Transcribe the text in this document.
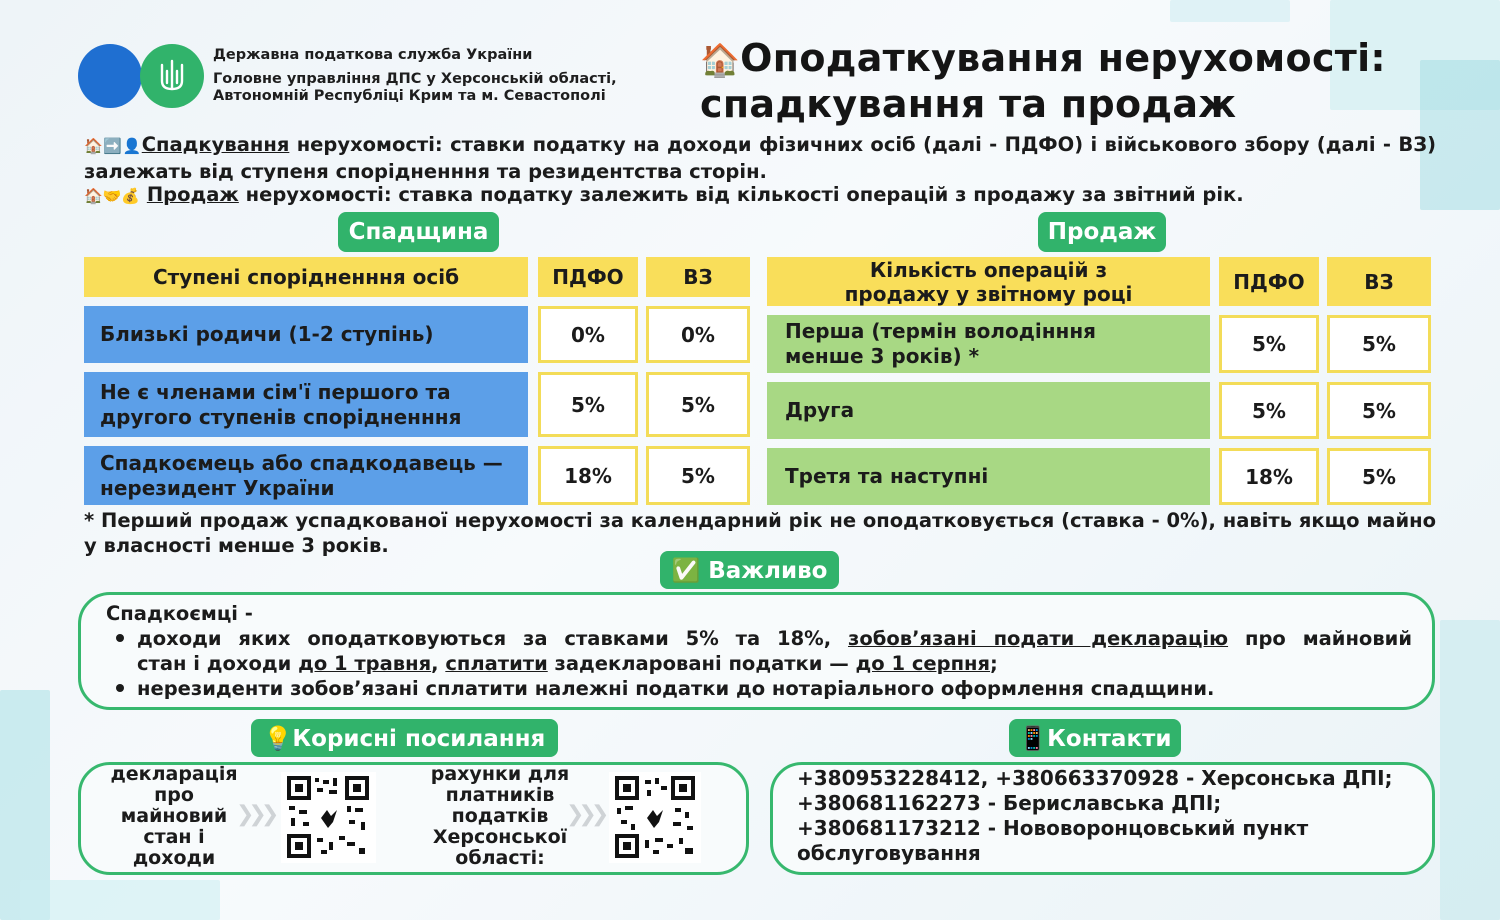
Державна податкова служба України
Головне управління ДПС у Херсонській області,
Автономній Республіці Крим та м. Севастополі
🏠Оподаткування нерухомості:
спадкування та продаж
🏠➡️👤Спадкування нерухомості: ставки податку на доходи фізичних осіб (далі - ПДФО) і військового збору (далі - ВЗ) залежать від ступеня спорідненння та резидентства сторін.
🏠🤝💰 Продаж нерухомості: ставка податку залежить від кількості операцій з продажу за звітний рік.
Спадщина	Продаж
Ступені спорідненння осіб	ПДФО	ВЗ
Близькі родичи (1-2 ступінь)	0%	0%
Не є членами сім'ї першого та другого ступенів спорідненння	5%	5%
Спадкоємець або спадкодавець — нерезидент України	18%	5%
Кількість операцій з продажу у звітному році	ПДФО	ВЗ
Перша (термін володінння менше 3 років) *	5%	5%
Друга	5%	5%
Третя та наступні	18%	5%
* Перший продаж успадкованої нерухомості за календарний рік не оподатковується (ставка - 0%), навіть якщо майно у власності менше 3 років.
✅ Важливо
Спадкоємці -
доходи яких оподатковуються за ставками 5% та 18%, зобов’язані подати декларацію про майновий
стан і доходи до 1 травня, сплатити задекларовані податки — до 1 серпня;
нерезиденти зобов’язані сплатити належні податки до нотаріального оформлення спадщини.
💡Корисні посилання
декларація
про
майновий
стан і
доходи
❯❯❯
рахунки для
платників
податків
Херсонської
області:
❯❯❯
📱Контакти
+380953228412, +380663370928 - Херсонська ДПІ;
+380681162273 - Бериславська ДПІ;
+380681173212 - Нововоронцовський пункт
обслуговування
